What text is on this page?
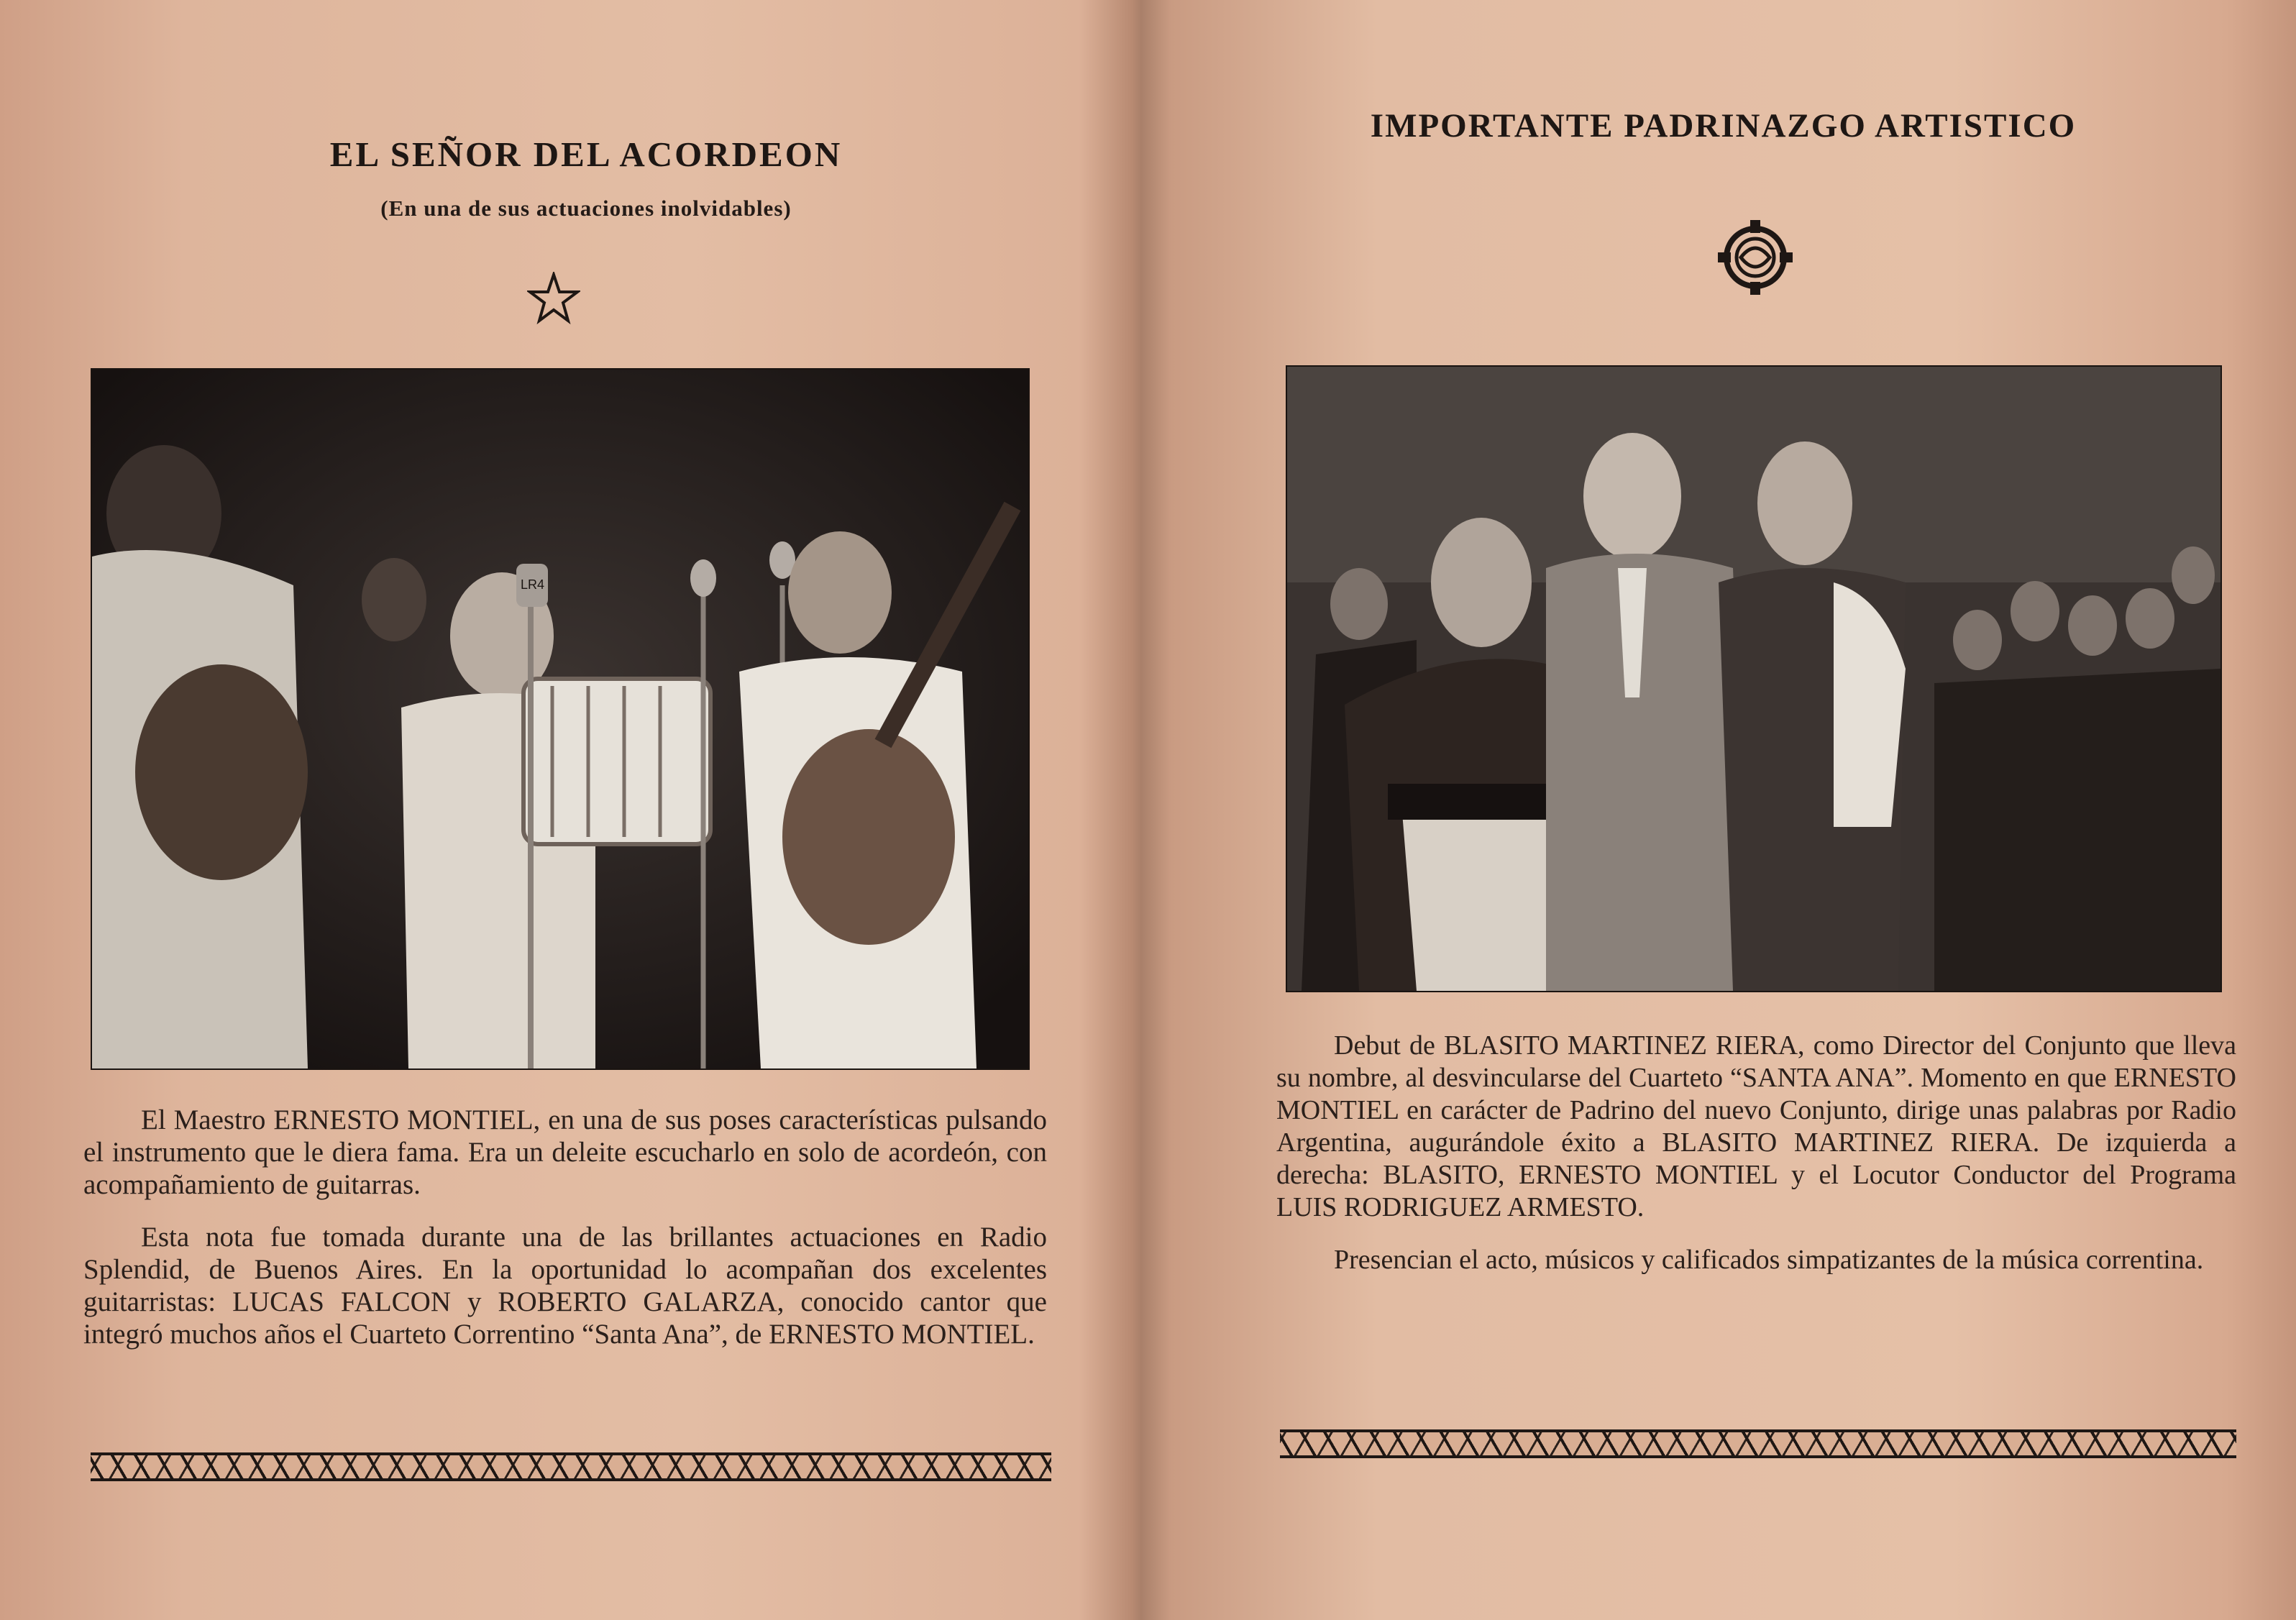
EL SEÑOR DEL ACORDEON
(En una de sus actuaciones inolvidables)
LR4

El Maestro ERNESTO MONTIEL, en una de sus poses características pulsando el instrumento que le diera fama. Era un deleite escucharlo en solo de acordeón, con acompañamiento de guitarras.

Esta nota fue tomada durante una de las brillantes actuaciones en Radio Splendid, de Buenos Aires. En la oportunidad lo acompañan dos excelentes guitarristas: LUCAS FALCON y ROBERTO GALARZA, conocido cantor que integró muchos años el Cuarteto Correntino “Santa Ana”, de ERNESTO MONTIEL.

IMPORTANTE PADRINAZGO ARTISTICO

Debut de BLASITO MARTINEZ RIERA, como Director del Conjunto que lleva su nombre, al desvincularse del Cuarteto “SANTA ANA”. Momento en que ERNESTO MONTIEL en carácter de Padrino del nuevo Conjunto, dirige unas palabras por Radio Argentina, augurándole éxito a BLASITO MARTINEZ RIERA. De izquierda a derecha: BLASITO, ERNESTO MONTIEL y el Locutor Conductor del Programa LUIS RODRIGUEZ ARMESTO.

Presencian el acto, músicos y calificados simpatizantes de la música correntina.
